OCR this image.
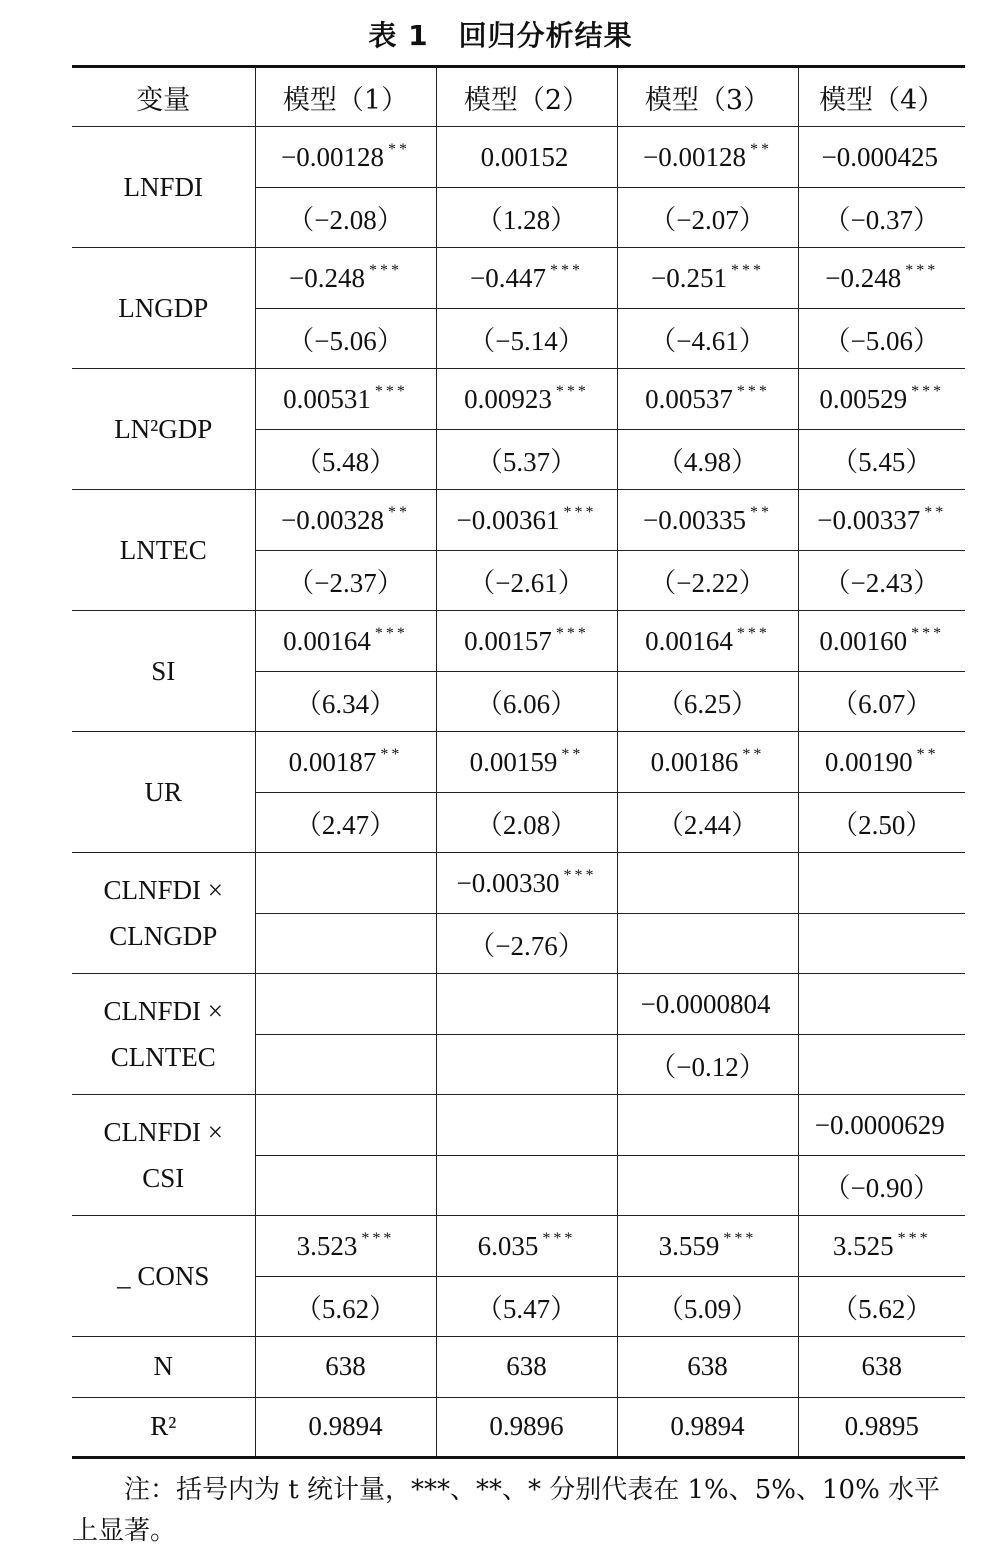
表 1 回归分析结果
变量	模型（1）	模型（2）	模型（3）	模型（4）
LNFDI	−0.00128 **	0.00152	−0.00128 **	−0.000425
	（−2.08）	（1.28）	（−2.07）	（−0.37）
LNGDP	−0.248 ***	−0.447 ***	−0.251 ***	−0.248 ***
	（−5.06）	（−5.14）	（−4.61）	（−5.06）
LN²GDP	0.00531 ***	0.00923 ***	0.00537 ***	0.00529 ***
	（5.48）	（5.37）	（4.98）	（5.45）
LNTEC	−0.00328 **	−0.00361 ***	−0.00335 **	−0.00337 **
	（−2.37）	（−2.61）	（−2.22）	（−2.43）
SI	0.00164 ***	0.00157 ***	0.00164 ***	0.00160 ***
	（6.34）	（6.06）	（6.25）	（6.07）
UR	0.00187 **	0.00159 **	0.00186 **	0.00190 **
	（2.47）	（2.08）	（2.44）	（2.50）
CLNFDI ×
CLNGDP		−0.00330 ***		
		（−2.76）		
CLNFDI ×
CLNTEC			−0.0000804	
			（−0.12）	
CLNFDI ×
CSI				−0.0000629
				（−0.90）
_ CONS	3.523 ***	6.035 ***	3.559 ***	3.525 ***
	（5.62）	（5.47）	（5.09）	（5.62）
N	638	638	638	638
R²	0.9894	0.9896	0.9894	0.9895
注：括号内为 t 统计量，***、**、* 分别代表在 1%、5%、10% 水平上显著。
